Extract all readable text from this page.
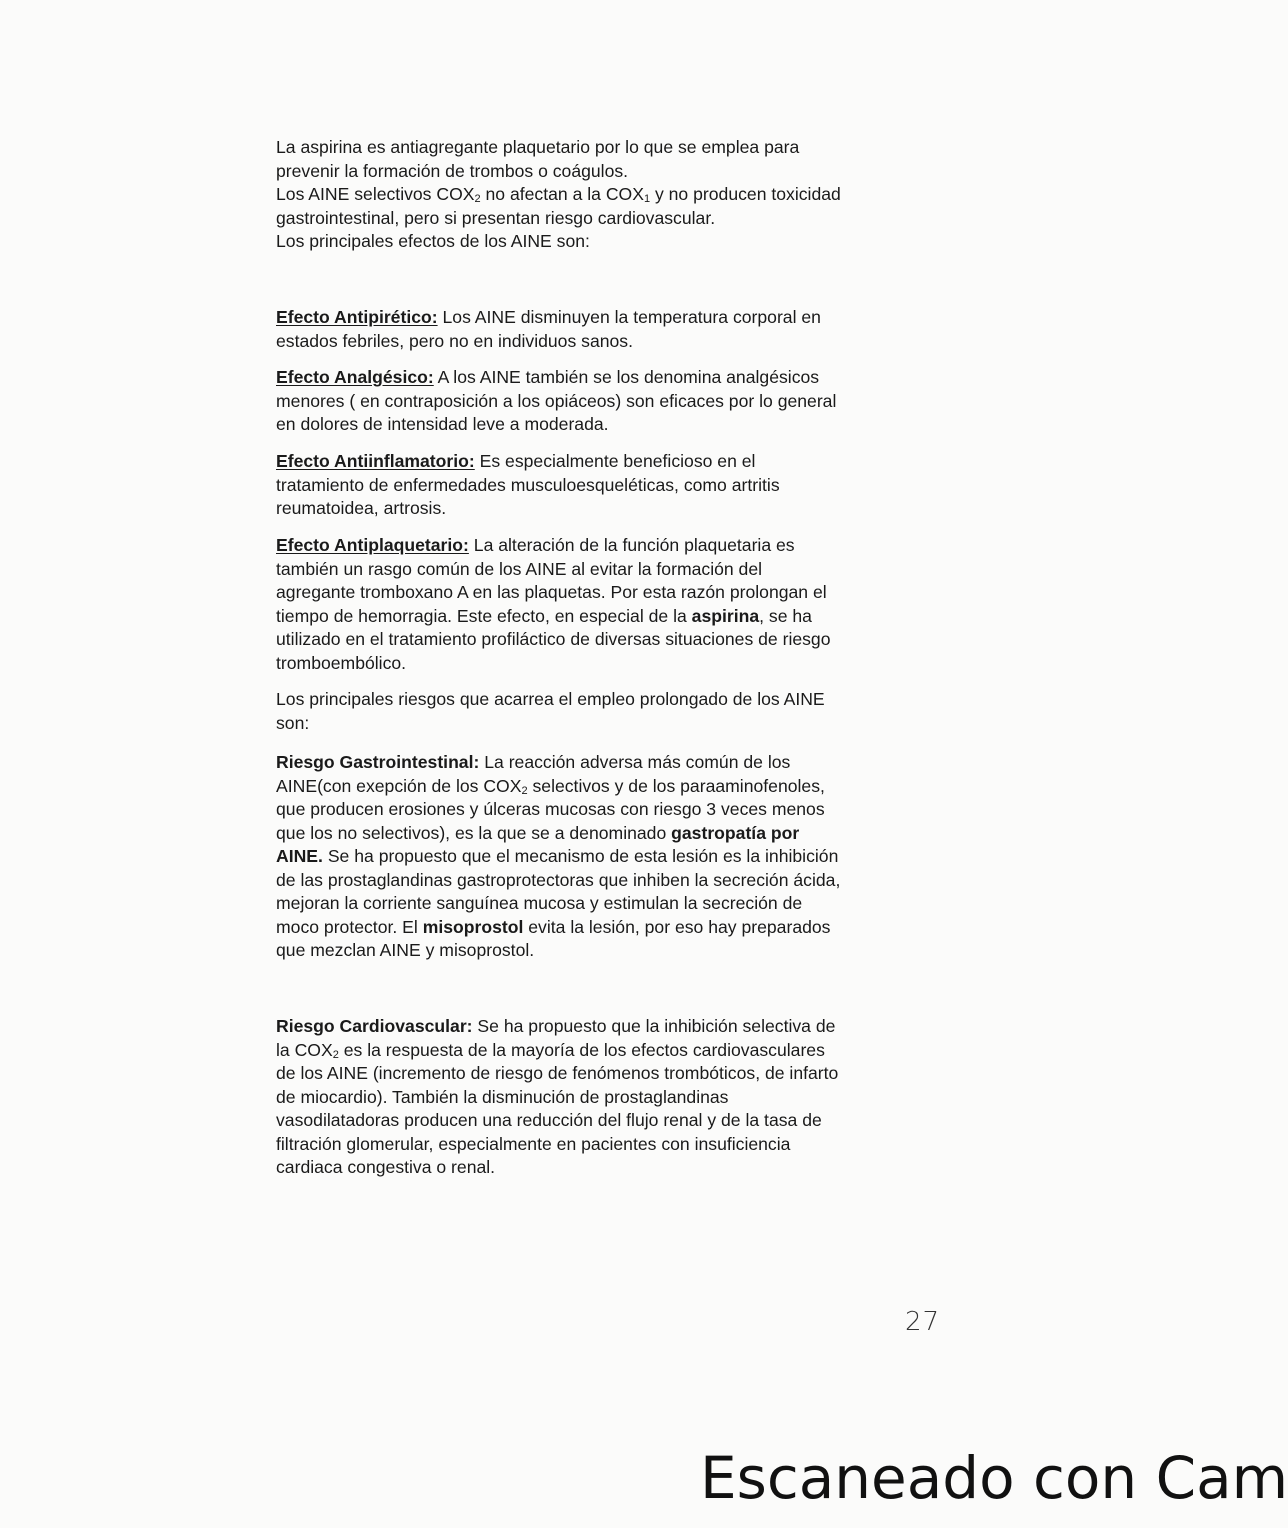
La aspirina es antiagregante plaquetario por lo que se emplea para
prevenir la formación de trombos o coágulos.
Los AINE selectivos $COX_2$ no afectan a la $COX_1$ y no producen toxicidad
gastrointestinal, pero si presentan riesgo cardiovascular.
Los principales efectos de los AINE son:

Efecto Antipirético: Los AINE disminuyen la temperatura corporal en
estados febriles, pero no en individuos sanos.

Efecto Analgésico: A los AINE también se los denomina analgésicos
menores ( en contraposición a los opiáceos) son eficaces por lo general
en dolores de intensidad leve a moderada.

Efecto Antiinflamatorio: Es especialmente beneficioso en el
tratamiento de enfermedades musculoesqueléticas, como artritis
reumatoidea, artrosis.

Efecto Antiplaquetario: La alteración de la función plaquetaria es
también un rasgo común de los AINE al evitar la formación del
agregante tromboxano A en las plaquetas. Por esta razón prolongan el
tiempo de hemorragia. Este efecto, en especial de la aspirina, se ha
utilizado en el tratamiento profiláctico de diversas situaciones de riesgo
tromboembólico.

Los principales riesgos que acarrea el empleo prolongado de los AINE
son:

Riesgo Gastrointestinal: La reacción adversa más común de los
AINE(con exepción de los $COX_2$ selectivos y de los paraaminofenoles,
que producen erosiones y úlceras mucosas con riesgo 3 veces menos
que los no selectivos), es la que se a denominado gastropatía por
AINE. Se ha propuesto que el mecanismo de esta lesión es la inhibición
de las prostaglandinas gastroprotectoras que inhiben la secreción ácida,
mejoran la corriente sanguínea mucosa y estimulan la secreción de
moco protector. El misoprostol evita la lesión, por eso hay preparados
que mezclan AINE y misoprostol.

Riesgo Cardiovascular: Se ha propuesto que la inhibición selectiva de
la $COX_2$ es la respuesta de la mayoría de los efectos cardiovasculares
de los AINE (incremento de riesgo de fenómenos trombóticos, de infarto
de miocardio). También la disminución de prostaglandinas
vasodilatadoras producen una reducción del flujo renal y de la tasa de
filtración glomerular, especialmente en pacientes con insuficiencia
cardiaca congestiva o renal.

27
Escaneado con Cam
